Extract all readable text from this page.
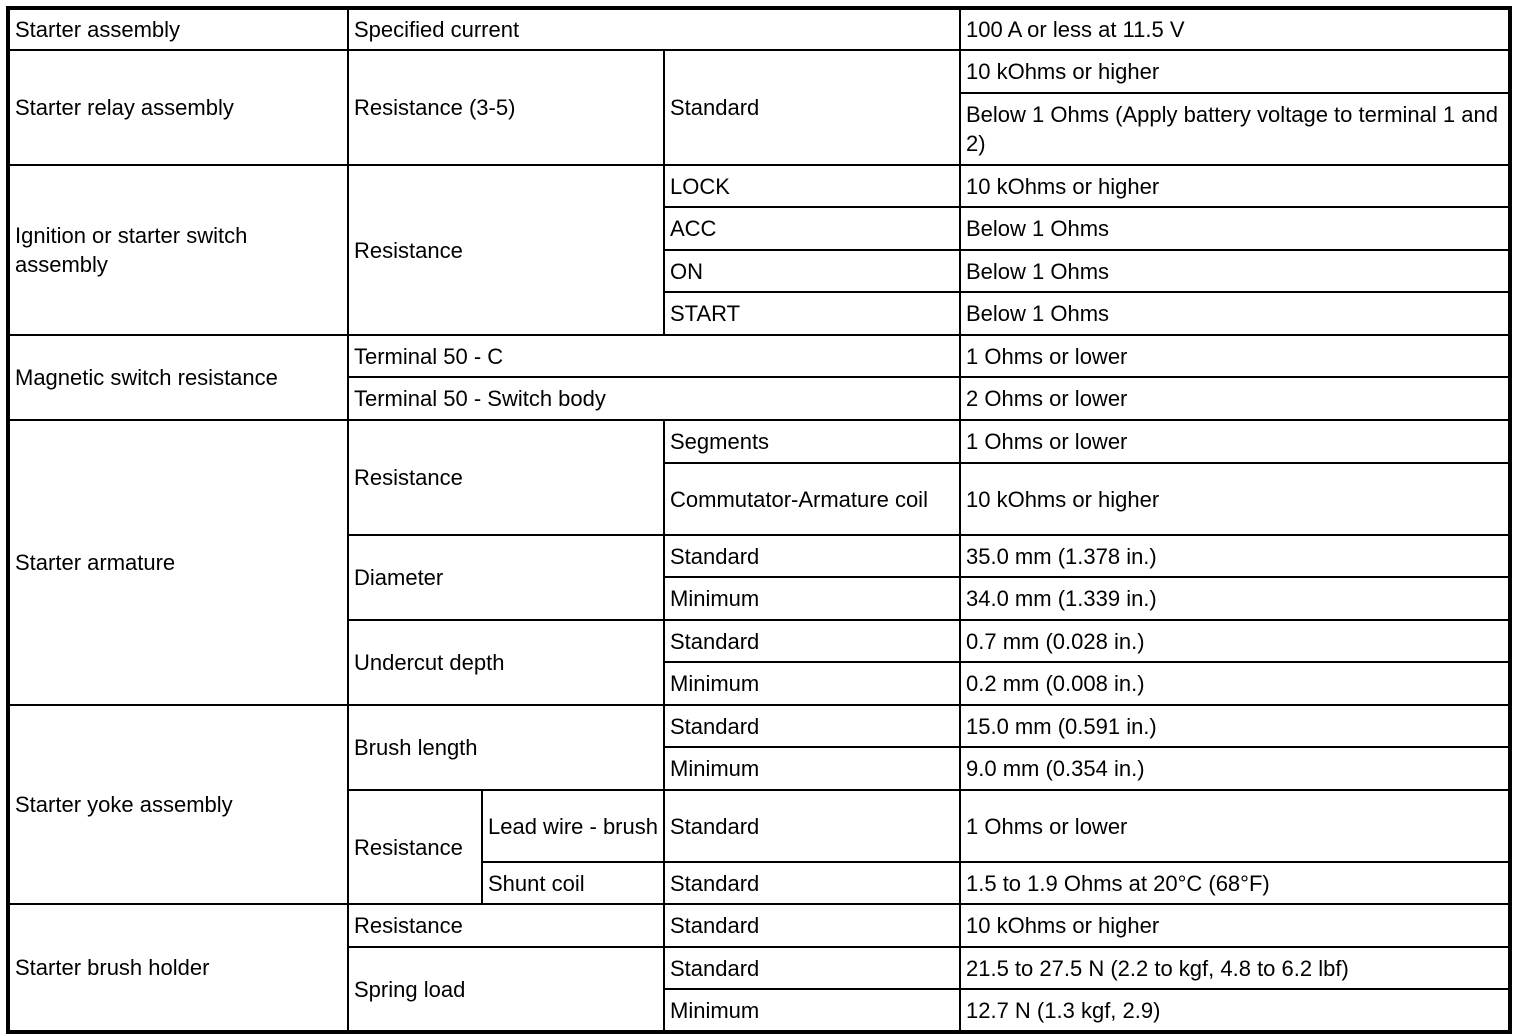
Starter assembly	Specified current			100 A or less at 11.5 V
Starter relay assembly	Resistance (3-5)		Standard	10 kOhms or higher
				Below 1 Ohms (Apply battery voltage to terminal 1 and 2)
Ignition or starter switch assembly	Resistance		LOCK	10 kOhms or higher
			ACC	Below 1 Ohms
			ON	Below 1 Ohms
			START	Below 1 Ohms
Magnetic switch resistance	Terminal 50 - C			1 Ohms or lower
	Terminal 50 - Switch body			2 Ohms or lower
Starter armature	Resistance		Segments	1 Ohms or lower
			Commutator-Armature coil	10 kOhms or higher
	Diameter		Standard	35.0 mm (1.378 in.)
			Minimum	34.0 mm (1.339 in.)
	Undercut depth		Standard	0.7 mm (0.028 in.)
			Minimum	0.2 mm (0.008 in.)
Starter yoke assembly	Brush length		Standard	15.0 mm (0.591 in.)
			Minimum	9.0 mm (0.354 in.)
	Resistance	Lead wire - brush	Standard	1 Ohms or lower
		Shunt coil	Standard	1.5 to 1.9 Ohms at 20°C (68°F)
Starter brush holder	Resistance		Standard	10 kOhms or higher
	Spring load		Standard	21.5 to 27.5 N (2.2 to kgf, 4.8 to 6.2 lbf)
			Minimum	12.7 N (1.3 kgf, 2.9)
